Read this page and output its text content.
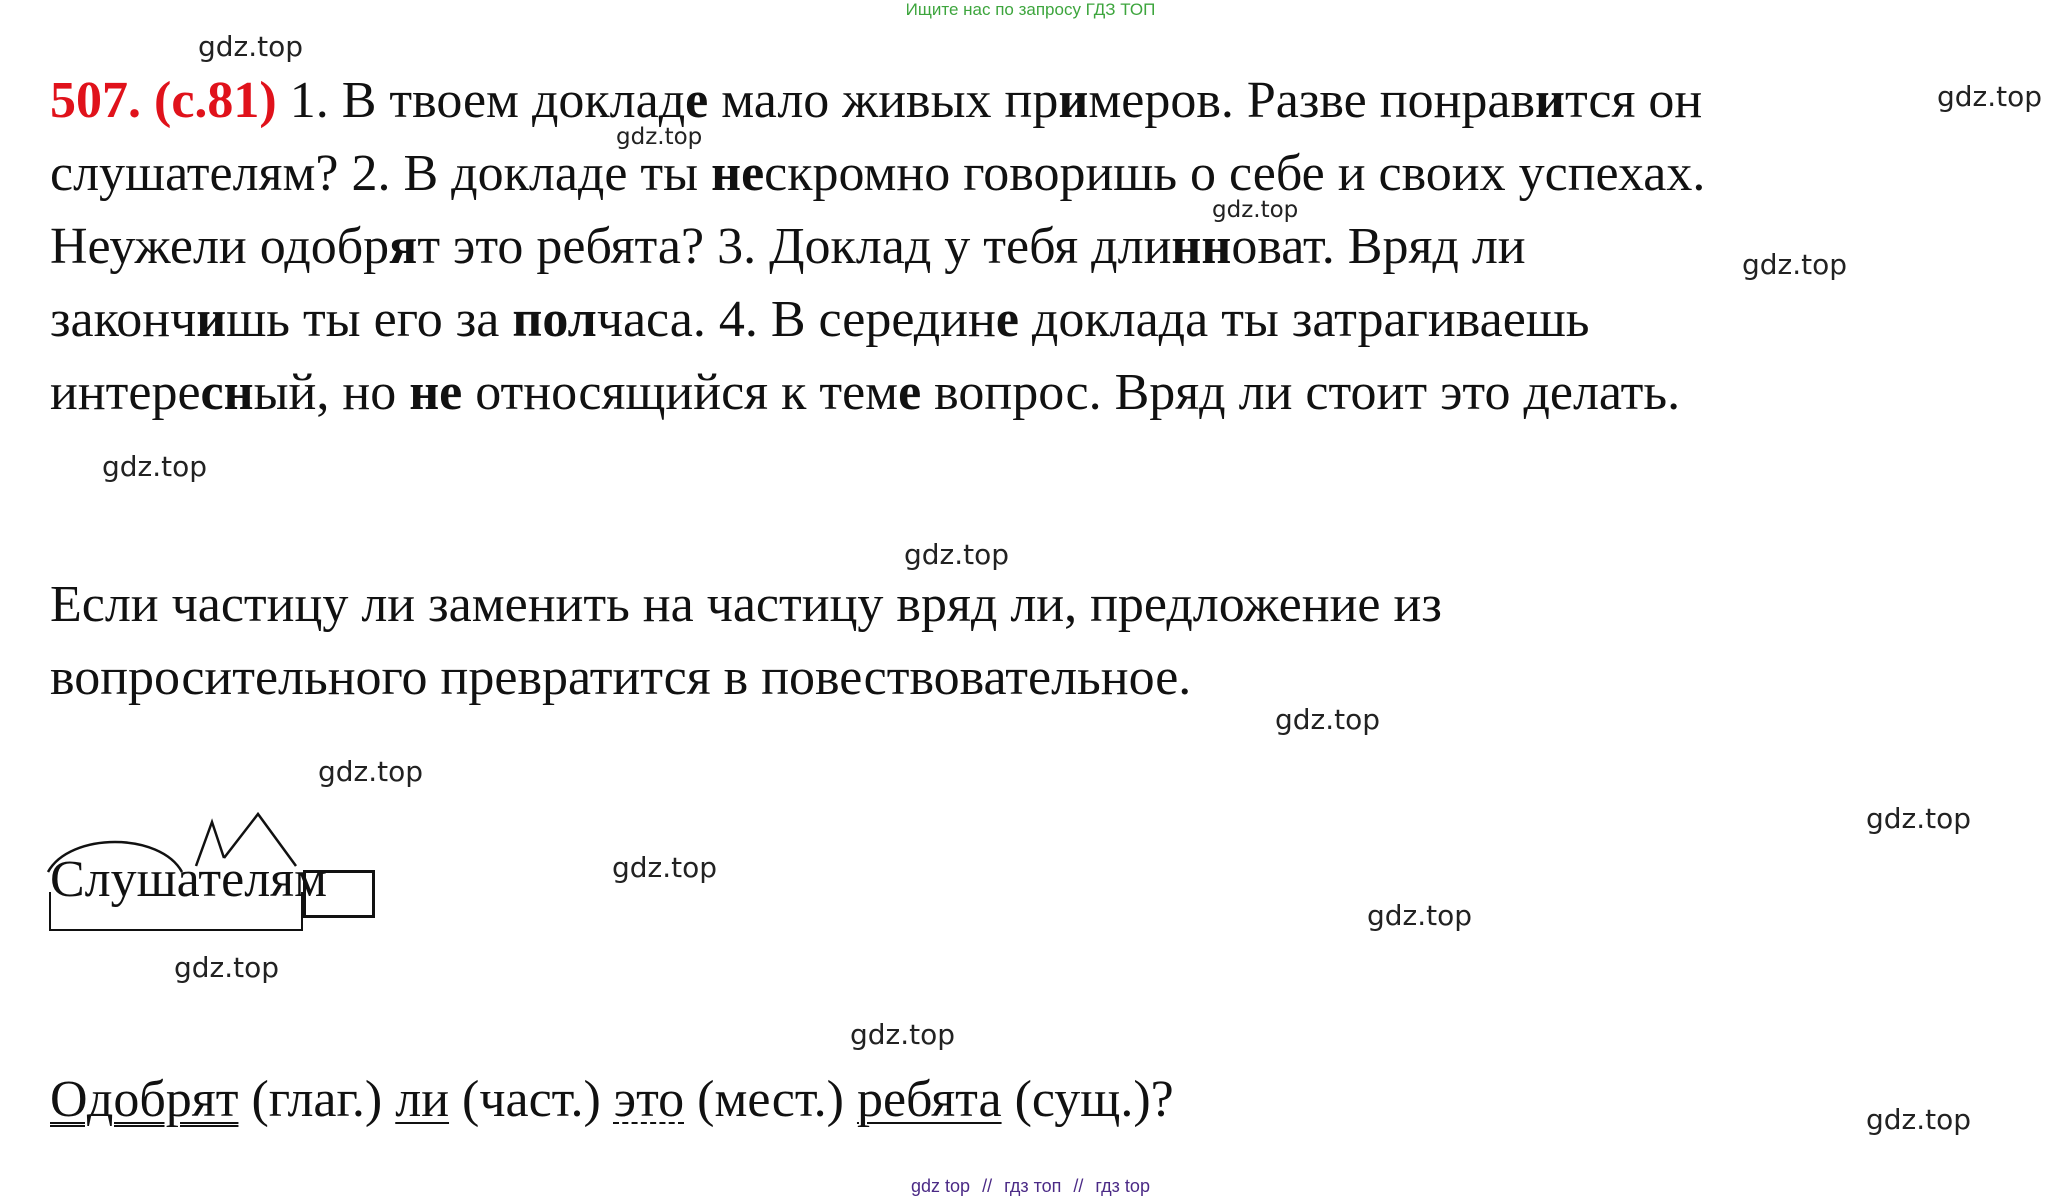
Ищите нас по запросу ГДЗ ТОП
gdz.top
gdz.top
gdz.top
gdz.top
gdz.top
gdz.top
gdz.top
gdz.top
gdz.top
gdz.top
gdz.top
gdz.top
gdz.top
gdz.top
gdz.top
507. (с.81) 1. В твоем докладе мало живых примеров. Разве понравится он
слушателям? 2. В докладе ты нескромно говоришь о себе и своих успехах.
Неужели одобрят это ребята? 3. Доклад у тебя длинноват. Вряд ли
закончишь ты его за полчаса. 4. В середине доклада ты затрагиваешь
интересный, но не относящийся к теме вопрос. Вряд ли стоит это делать.
Если частицу ли заменить на частицу вряд ли, предложение из
вопросительного превратится в повествовательное.
Слушателям
Одобрят (глаг.) ли (част.) это (мест.) ребята (сущ.)?
gdz top // гдз топ // гдз top
